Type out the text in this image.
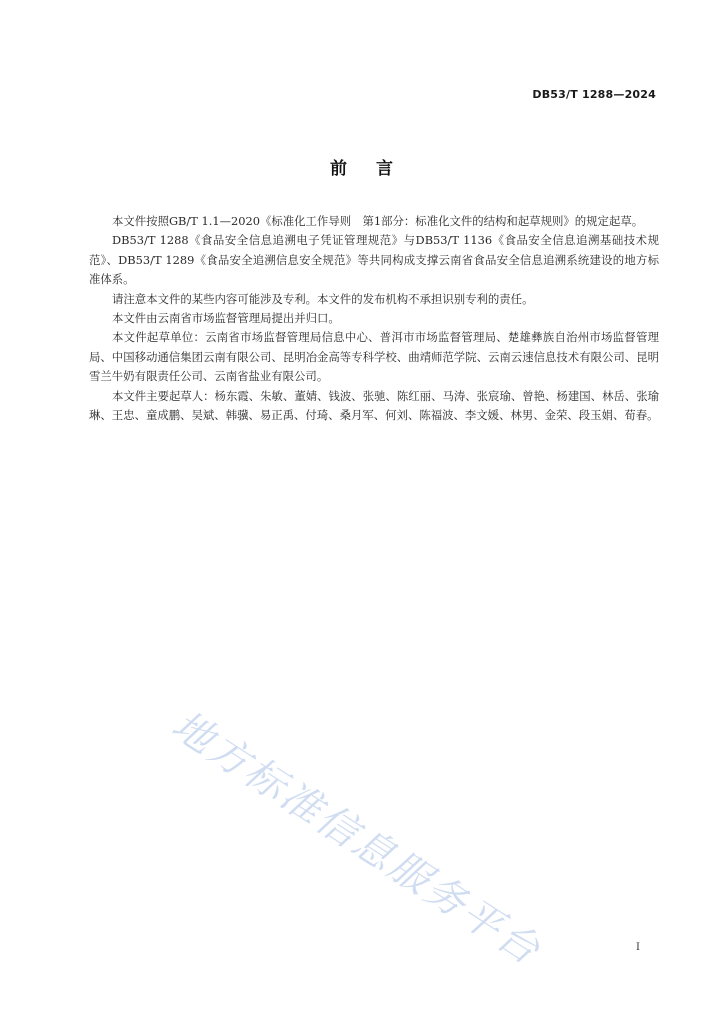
DB53/T 1288—2024
前 言

本文件按照GB/T 1.1—2020《标准化工作导则　第1部分：标准化文件的结构和起草规则》的规定起草。

DB53/T 1288《食品安全信息追溯电子凭证管理规范》与DB53/T 1136《食品安全信息追溯基础技术规范》、DB53/T 1289《食品安全追溯信息安全规范》等共同构成支撑云南省食品安全信息追溯系统建设的地方标准体系。

请注意本文件的某些内容可能涉及专利。本文件的发布机构不承担识别专利的责任。

本文件由云南省市场监督管理局提出并归口。

本文件起草单位：云南省市场监督管理局信息中心、普洱市市场监督管理局、楚雄彝族自治州市场监督管理局、中国移动通信集团云南有限公司、昆明冶金高等专科学校、曲靖师范学院、云南云速信息技术有限公司、昆明雪兰牛奶有限责任公司、云南省盐业有限公司。

本文件主要起草人：杨东霞、朱敏、董婧、钱波、张驰、陈红丽、马涛、张宸瑜、曾艳、杨建国、林岳、张瑜琳、王忠、童成鹏、吴斌、韩骥、易正禹、付琦、桑月军、何刘、陈福波、李文媛、林男、金荣、段玉娟、荀春。

地方标准信息服务平台	I
